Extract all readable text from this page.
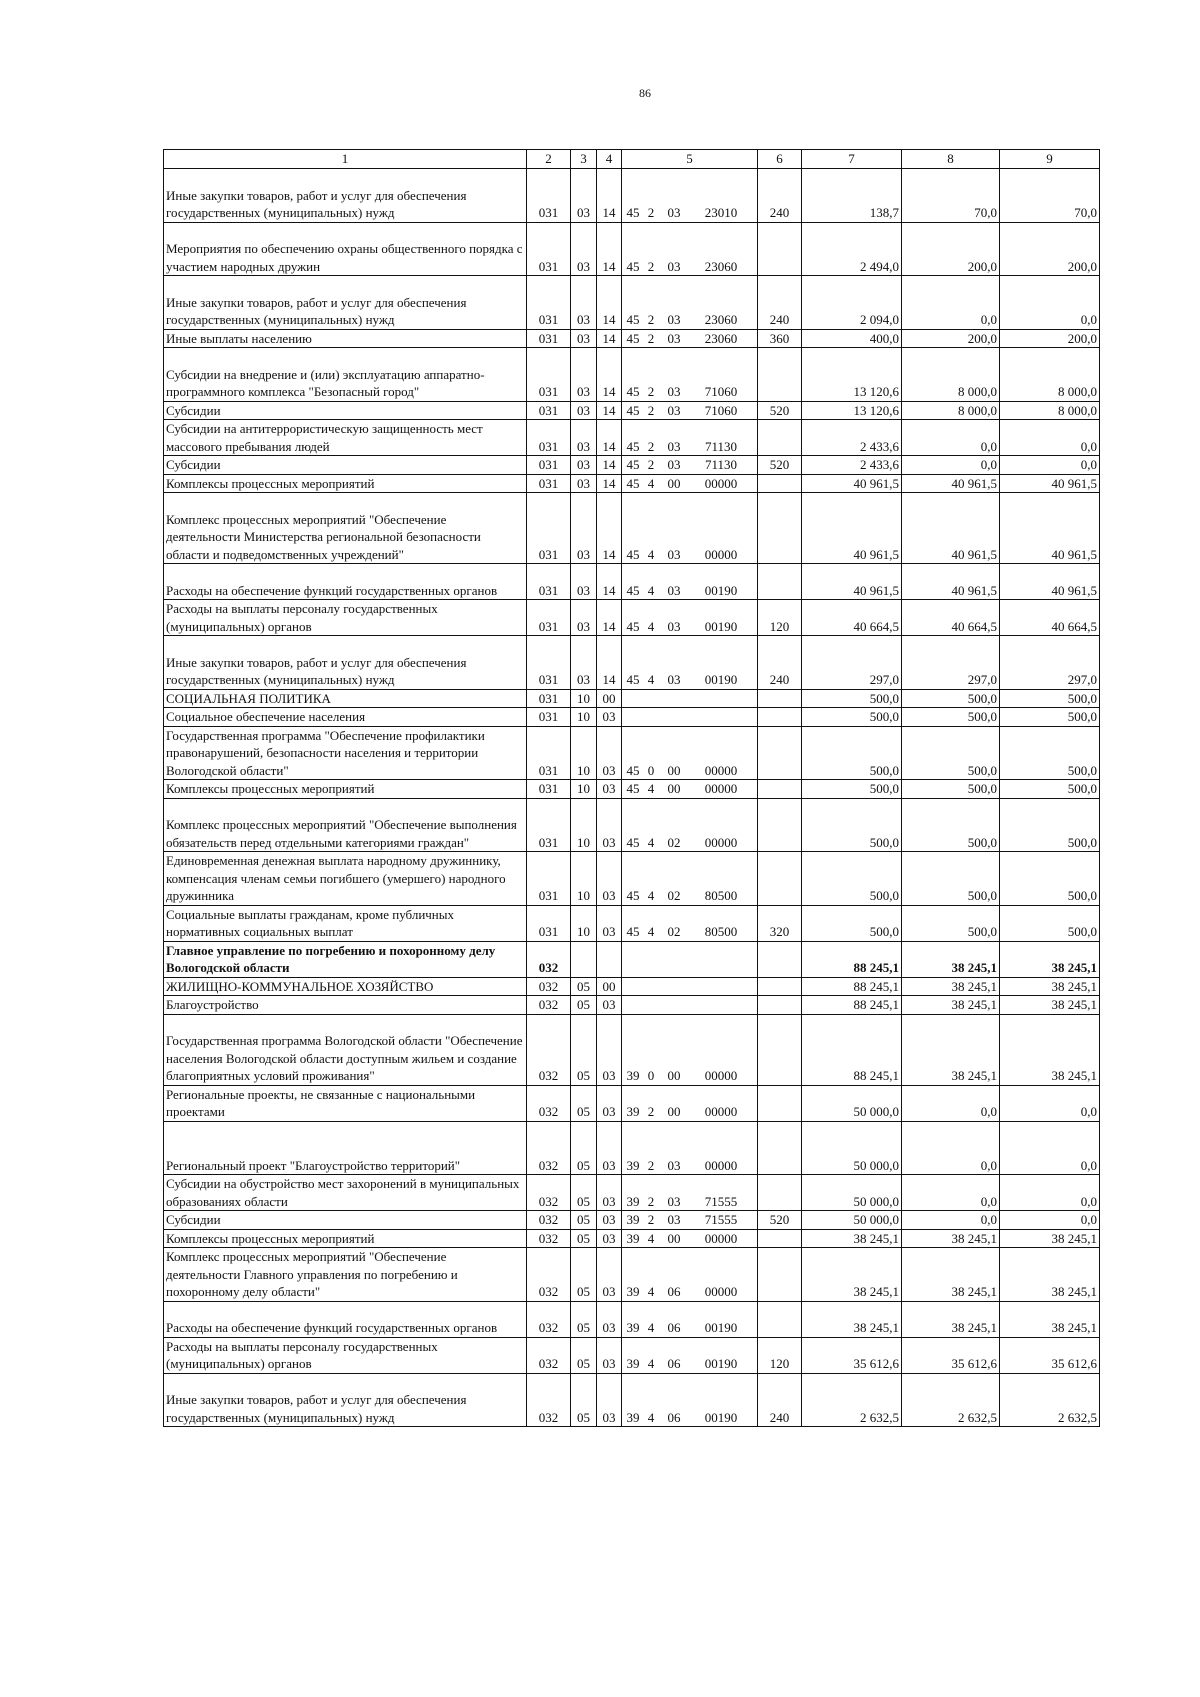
86
1	2	3	4	5	6	7	8	9
Иные закупки товаров, работ и услуг для обеспечения государственных (муниципальных) нужд	031	03	14	45 2 03 23010	240	138,7	70,0	70,0
Мероприятия по обеспечению охраны общественного порядка с участием народных дружин	031	03	14	45 2 03 23060		2 494,0	200,0	200,0
Иные закупки товаров, работ и услуг для обеспечения государственных (муниципальных) нужд	031	03	14	45 2 03 23060	240	2 094,0	0,0	0,0
Иные выплаты населению	031	03	14	45 2 03 23060	360	400,0	200,0	200,0
Субсидии на внедрение и (или) эксплуатацию аппаратно-программного комплекса "Безопасный город"	031	03	14	45 2 03 71060		13 120,6	8 000,0	8 000,0
Субсидии	031	03	14	45 2 03 71060	520	13 120,6	8 000,0	8 000,0
Субсидии на антитеррористическую защищенность мест массового пребывания людей	031	03	14	45 2 03 71130		2 433,6	0,0	0,0
Субсидии	031	03	14	45 2 03 71130	520	2 433,6	0,0	0,0
Комплексы процессных мероприятий	031	03	14	45 4 00 00000		40 961,5	40 961,5	40 961,5
Комплекс процессных мероприятий "Обеспечение деятельности Министерства региональной безопасности области и подведомственных учреждений"	031	03	14	45 4 03 00000		40 961,5	40 961,5	40 961,5
Расходы на обеспечение функций государственных органов	031	03	14	45 4 03 00190		40 961,5	40 961,5	40 961,5
Расходы на выплаты персоналу государственных (муниципальных) органов	031	03	14	45 4 03 00190	120	40 664,5	40 664,5	40 664,5
Иные закупки товаров, работ и услуг для обеспечения государственных (муниципальных) нужд	031	03	14	45 4 03 00190	240	297,0	297,0	297,0
СОЦИАЛЬНАЯ ПОЛИТИКА	031	10	00			500,0	500,0	500,0
Социальное обеспечение населения	031	10	03			500,0	500,0	500,0
Государственная программа "Обеспечение профилактики правонарушений, безопасности населения и территории Вологодской области"	031	10	03	45 0 00 00000		500,0	500,0	500,0
Комплексы процессных мероприятий	031	10	03	45 4 00 00000		500,0	500,0	500,0
Комплекс процессных мероприятий "Обеспечение выполнения обязательств перед отдельными категориями граждан"	031	10	03	45 4 02 00000		500,0	500,0	500,0
Единовременная денежная выплата народному дружиннику, компенсация членам семьи погибшего (умершего) народного дружинника	031	10	03	45 4 02 80500		500,0	500,0	500,0
Социальные выплаты гражданам, кроме публичных нормативных социальных выплат	031	10	03	45 4 02 80500	320	500,0	500,0	500,0
Главное управление по погребению и похоронному делу Вологодской области	032					88 245,1	38 245,1	38 245,1
ЖИЛИЩНО-КОММУНАЛЬНОЕ ХОЗЯЙСТВО	032	05	00			88 245,1	38 245,1	38 245,1
Благоустройство	032	05	03			88 245,1	38 245,1	38 245,1
Государственная программа Вологодской области "Обеспечение населения Вологодской области доступным жильем и создание благоприятных условий проживания"	032	05	03	39 0 00 00000		88 245,1	38 245,1	38 245,1
Региональные проекты, не связанные с национальными проектами	032	05	03	39 2 00 00000		50 000,0	0,0	0,0
Региональный проект "Благоустройство территорий"	032	05	03	39 2 03 00000		50 000,0	0,0	0,0
Субсидии на обустройство мест захоронений в муниципальных образованиях области	032	05	03	39 2 03 71555		50 000,0	0,0	0,0
Субсидии	032	05	03	39 2 03 71555	520	50 000,0	0,0	0,0
Комплексы процессных мероприятий	032	05	03	39 4 00 00000		38 245,1	38 245,1	38 245,1
Комплекс процессных мероприятий "Обеспечение деятельности Главного управления по погребению и похоронному делу области"	032	05	03	39 4 06 00000		38 245,1	38 245,1	38 245,1
Расходы на обеспечение функций государственных органов	032	05	03	39 4 06 00190		38 245,1	38 245,1	38 245,1
Расходы на выплаты персоналу государственных (муниципальных) органов	032	05	03	39 4 06 00190	120	35 612,6	35 612,6	35 612,6
Иные закупки товаров, работ и услуг для обеспечения государственных (муниципальных) нужд	032	05	03	39 4 06 00190	240	2 632,5	2 632,5	2 632,5
